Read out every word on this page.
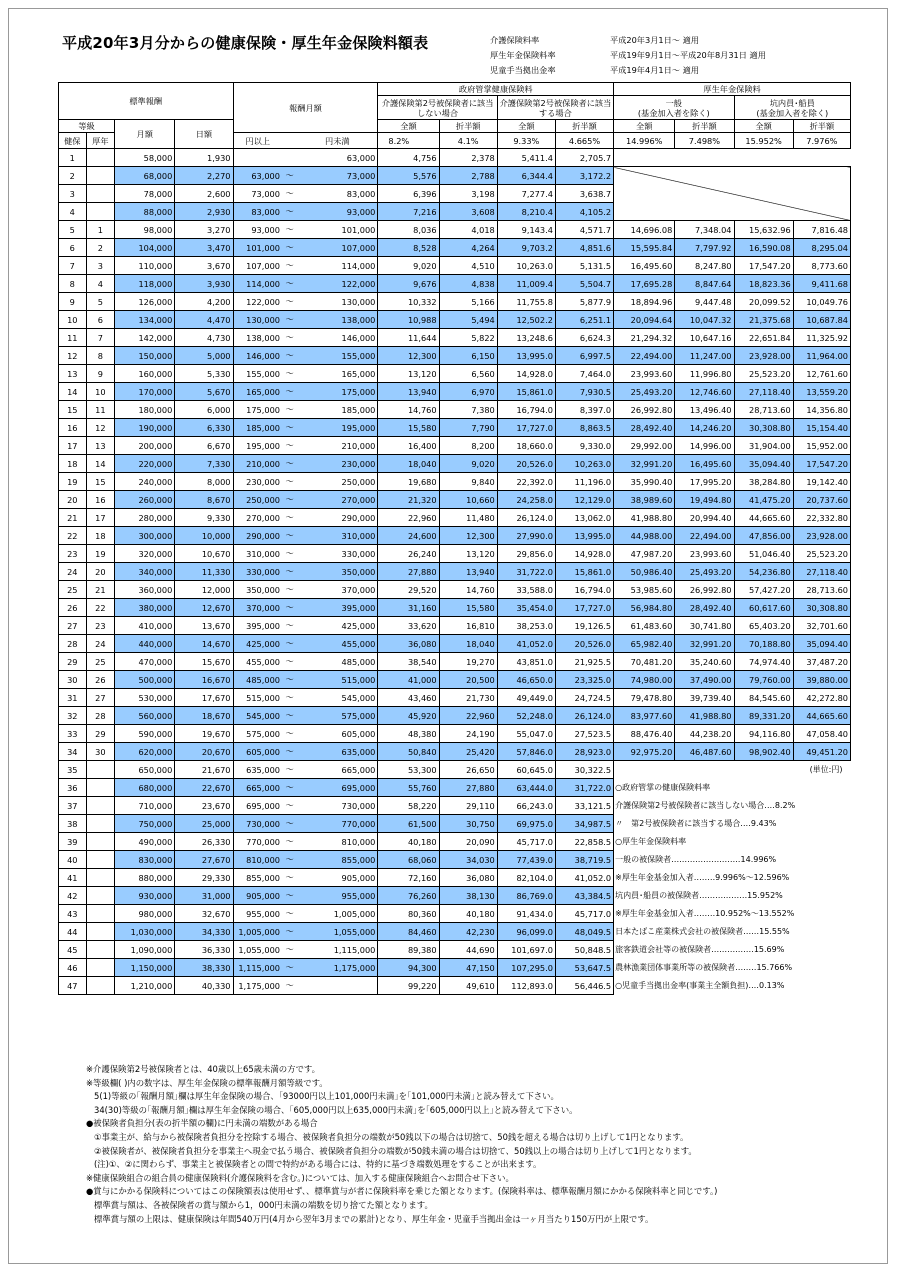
平成20年3月分からの健康保険・厚生年金保険料額表	介護保険料率	平成20年3月1日～ 適用
厚生年金保険料率	平成19年9月1日～平成20年8月31日 適用
児童手当拠出金率	平成19年4月1日～ 適用
標準報酬				報酬月額			政府管掌健康保険料				厚生年金保険料			
							介護保険第2号被保険者に該当しない場合		介護保険第2号被保険者に該当する場合		一般
(基金加入者を除く)		坑内員･船員
(基金加入者を除く)	
等級		月額	日額				全額	折半額	全額	折半額	全額	折半額	全額	折半額
健保	厚年						8.2%	4.1%	9.33%	4.665%	14.996%	7.498%	15.952%	7.976%
				円以上		円未満								
1		58,000	1,930			63,000	4,756	2,378	5,411.4	2,705.7				
2		68,000	2,270	63,000	～	73,000	5,576	2,788	6,344.4	3,172.2				
3		78,000	2,600	73,000	～	83,000	6,396	3,198	7,277.4	3,638.7				
4		88,000	2,930	83,000	～	93,000	7,216	3,608	8,210.4	4,105.2				
5	1	98,000	3,270	93,000	～	101,000	8,036	4,018	9,143.4	4,571.7	14,696.08	7,348.04	15,632.96	7,816.48
6	2	104,000	3,470	101,000	～	107,000	8,528	4,264	9,703.2	4,851.6	15,595.84	7,797.92	16,590.08	8,295.04
7	3	110,000	3,670	107,000	～	114,000	9,020	4,510	10,263.0	5,131.5	16,495.60	8,247.80	17,547.20	8,773.60
8	4	118,000	3,930	114,000	～	122,000	9,676	4,838	11,009.4	5,504.7	17,695.28	8,847.64	18,823.36	9,411.68
9	5	126,000	4,200	122,000	～	130,000	10,332	5,166	11,755.8	5,877.9	18,894.96	9,447.48	20,099.52	10,049.76
10	6	134,000	4,470	130,000	～	138,000	10,988	5,494	12,502.2	6,251.1	20,094.64	10,047.32	21,375.68	10,687.84
11	7	142,000	4,730	138,000	～	146,000	11,644	5,822	13,248.6	6,624.3	21,294.32	10,647.16	22,651.84	11,325.92
12	8	150,000	5,000	146,000	～	155,000	12,300	6,150	13,995.0	6,997.5	22,494.00	11,247.00	23,928.00	11,964.00
13	9	160,000	5,330	155,000	～	165,000	13,120	6,560	14,928.0	7,464.0	23,993.60	11,996.80	25,523.20	12,761.60
14	10	170,000	5,670	165,000	～	175,000	13,940	6,970	15,861.0	7,930.5	25,493.20	12,746.60	27,118.40	13,559.20
15	11	180,000	6,000	175,000	～	185,000	14,760	7,380	16,794.0	8,397.0	26,992.80	13,496.40	28,713.60	14,356.80
16	12	190,000	6,330	185,000	～	195,000	15,580	7,790	17,727.0	8,863.5	28,492.40	14,246.20	30,308.80	15,154.40
17	13	200,000	6,670	195,000	～	210,000	16,400	8,200	18,660.0	9,330.0	29,992.00	14,996.00	31,904.00	15,952.00
18	14	220,000	7,330	210,000	～	230,000	18,040	9,020	20,526.0	10,263.0	32,991.20	16,495.60	35,094.40	17,547.20
19	15	240,000	8,000	230,000	～	250,000	19,680	9,840	22,392.0	11,196.0	35,990.40	17,995.20	38,284.80	19,142.40
20	16	260,000	8,670	250,000	～	270,000	21,320	10,660	24,258.0	12,129.0	38,989.60	19,494.80	41,475.20	20,737.60
21	17	280,000	9,330	270,000	～	290,000	22,960	11,480	26,124.0	13,062.0	41,988.80	20,994.40	44,665.60	22,332.80
22	18	300,000	10,000	290,000	～	310,000	24,600	12,300	27,990.0	13,995.0	44,988.00	22,494.00	47,856.00	23,928.00
23	19	320,000	10,670	310,000	～	330,000	26,240	13,120	29,856.0	14,928.0	47,987.20	23,993.60	51,046.40	25,523.20
24	20	340,000	11,330	330,000	～	350,000	27,880	13,940	31,722.0	15,861.0	50,986.40	25,493.20	54,236.80	27,118.40
25	21	360,000	12,000	350,000	～	370,000	29,520	14,760	33,588.0	16,794.0	53,985.60	26,992.80	57,427.20	28,713.60
26	22	380,000	12,670	370,000	～	395,000	31,160	15,580	35,454.0	17,727.0	56,984.80	28,492.40	60,617.60	30,308.80
27	23	410,000	13,670	395,000	～	425,000	33,620	16,810	38,253.0	19,126.5	61,483.60	30,741.80	65,403.20	32,701.60
28	24	440,000	14,670	425,000	～	455,000	36,080	18,040	41,052.0	20,526.0	65,982.40	32,991.20	70,188.80	35,094.40
29	25	470,000	15,670	455,000	～	485,000	38,540	19,270	43,851.0	21,925.5	70,481.20	35,240.60	74,974.40	37,487.20
30	26	500,000	16,670	485,000	～	515,000	41,000	20,500	46,650.0	23,325.0	74,980.00	37,490.00	79,760.00	39,880.00
31	27	530,000	17,670	515,000	～	545,000	43,460	21,730	49,449.0	24,724.5	79,478.80	39,739.40	84,545.60	42,272.80
32	28	560,000	18,670	545,000	～	575,000	45,920	22,960	52,248.0	26,124.0	83,977.60	41,988.80	89,331.20	44,665.60
33	29	590,000	19,670	575,000	～	605,000	48,380	24,190	55,047.0	27,523.5	88,476.40	44,238.20	94,116.80	47,058.40
34	30	620,000	20,670	605,000	～	635,000	50,840	25,420	57,846.0	28,923.0	92,975.20	46,487.60	98,902.40	49,451.20
35		650,000	21,670	635,000	～	665,000	53,300	26,650	60,645.0	30,322.5	(単位:円)			
36		680,000	22,670	665,000	～	695,000	55,760	27,880	63,444.0	31,722.0	○政府管掌の健康保険料率			
37		710,000	23,670	695,000	～	730,000	58,220	29,110	66,243.0	33,121.5	介護保険第2号被保険者に該当しない場合‥‥8.2%			
38		750,000	25,000	730,000	～	770,000	61,500	30,750	69,975.0	34,987.5	〃　第2号被保険者に該当する場合‥‥9.43%			
39		490,000	26,330	770,000	～	810,000	40,180	20,090	45,717.0	22,858.5	○厚生年金保険料率			
40		830,000	27,670	810,000	～	855,000	68,060	34,030	77,439.0	38,719.5	一般の被保険者‥‥‥‥‥‥‥‥‥‥‥‥‥14.996%			
41		880,000	29,330	855,000	～	905,000	72,160	36,080	82,104.0	41,052.0	※厚生年金基金加入者‥‥‥‥9.996%～12.596%			
42		930,000	31,000	905,000	～	955,000	76,260	38,130	86,769.0	43,384.5	坑内員･船員の被保険者‥‥‥‥‥‥‥‥‥15.952%			
43		980,000	32,670	955,000	～	1,005,000	80,360	40,180	91,434.0	45,717.0	※厚生年金基金加入者‥‥‥‥10.952%～13.552%			
44		1,030,000	34,330	1,005,000	～	1,055,000	84,460	42,230	96,099.0	48,049.5	日本たばこ産業株式会社の被保険者‥‥‥15.55%			
45		1,090,000	36,330	1,055,000	～	1,115,000	89,380	44,690	101,697.0	50,848.5	旅客鉄道会社等の被保険者‥‥‥‥‥‥‥‥15.69%			
46		1,150,000	38,330	1,115,000	～	1,175,000	94,300	47,150	107,295.0	53,647.5	農林漁業団体事業所等の被保険者‥‥‥‥15.766%			
47		1,210,000	40,330	1,175,000	～		99,220	49,610	112,893.0	56,446.5	○児童手当拠出金率(事業主全額負担)‥‥0.13%			
※介護保険第2号被保険者とは、40歳以上65歳未満の方です。
※等級欄( )内の数字は、厚生年金保険の標準報酬月額等級です。
5(1)等級の｢報酬月額｣欄は厚生年金保険の場合、｢93000円以上101,000円未満｣を｢101,000円未満｣と読み替えて下さい。
34(30)等級の｢報酬月額｣欄は厚生年金保険の場合、｢605,000円以上635,000円未満｣を｢605,000円以上｣と読み替えて下さい。
●被保険者負担分(表の折半額の欄)に円未満の端数がある場合
①事業主が、給与から被保険者負担分を控除する場合、被保険者負担分の端数が50銭以下の場合は切捨て、50銭を超える場合は切り上げして1円となります。
②被保険者が、被保険者負担分を事業主へ現金で払う場合、被保険者負担分の端数が50銭未満の場合は切捨て、50銭以上の場合は切り上げして1円となります。
(注)①、②に関わらず、事業主と被保険者との間で特約がある場合には、特約に基づき端数処理をすることが出来ます。
※健康保険組合の組合員の健康保険料(介護保険料を含む。)については、加入する健康保険組合へお問合せ下さい。
●賞与にかかる保険料についてはこの保険額表は使用せず、、標準賞与が者に保険料率を乗じた額となります。(保険料率は、標準報酬月額にかかる保険料率と同じです。)
標準賞与額は、各被保険者の賞与額から1，000円未満の端数を切り捨てた額となります。
標準賞与額の上限は、健康保険は年間540万円(4月から翌年3月までの累計)となり、厚生年金・児童手当拠出金は一ヶ月当たり150万円が上限です。
